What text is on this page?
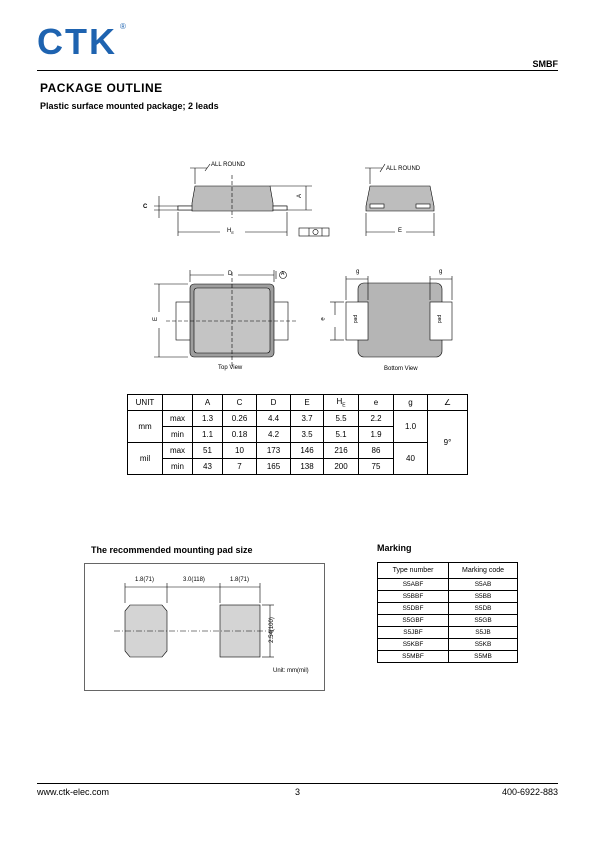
CTK ®
SMBF
PACKAGE OUTLINE
Plastic surface mounted package; 2 leads
ALL ROUND
ALL ROUND
C
A
$H_E$	E
D	A
E	e
g	g
pad	pad
Top View	Bottom View
UNIT		A	C	D	E	$H_E$	e	g	∠
mm	max	1.3	0.26	4.4	3.7	5.5	2.2	1.0	9°
	min	1.1	0.18	4.2	3.5	5.1	1.9		
mil	max	51	10	173	146	216	86	40	
	min	43	7	165	138	200	75		
The recommended mounting pad size
1.8(71)	3.0(118)	1.8(71)
2.54(100)
Unit: mm(mil)
Marking
Type number	Marking code
S5ABF	S5AB
S5BBF	S5BB
S5DBF	S5DB
S5GBF	S5GB
S5JBF	S5JB
S5KBF	S5KB
S5MBF	S5MB
www.ctk-elec.com	3	400-6922-883
